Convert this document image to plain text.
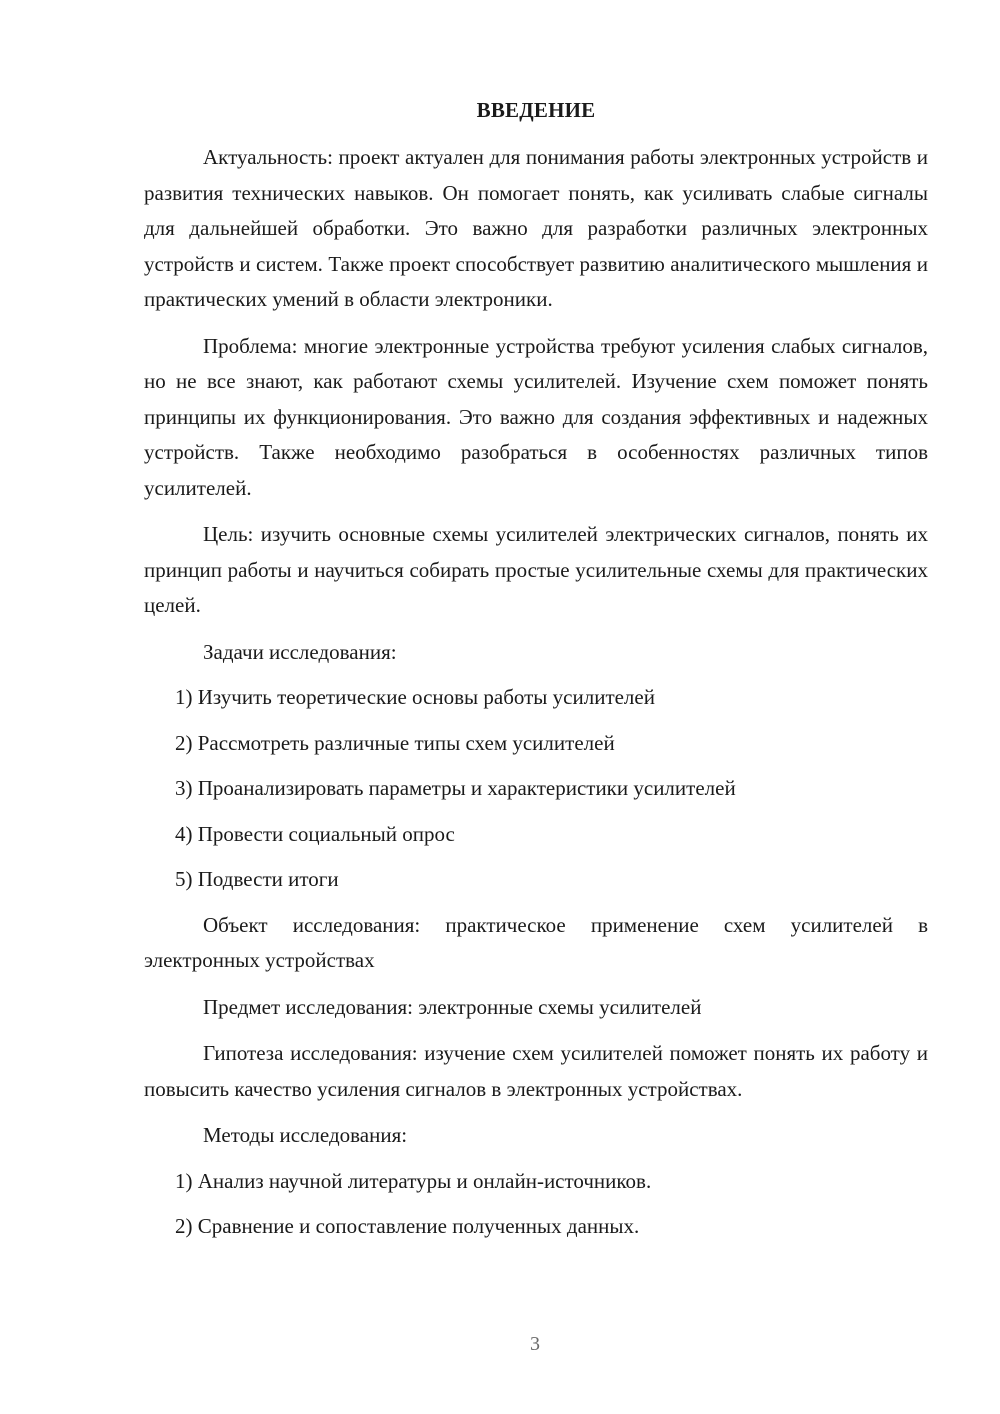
ВВЕДЕНИЕ

Актуальность: проект актуален для понимания работы электронных устройств и развития технических навыков. Он помогает понять, как усиливать слабые сигналы для дальнейшей обработки. Это важно для разработки различных электронных устройств и систем. Также проект способствует развитию аналитического мышления и практических умений в области электроники.

Проблема: многие электронные устройства требуют усиления слабых сигналов, но не все знают, как работают схемы усилителей. Изучение схем поможет понять принципы их функционирования. Это важно для создания эффективных и надежных устройств. Также необходимо разобраться в особенностях различных типов усилителей.

Цель: изучить основные схемы усилителей электрических сигналов, понять их принцип работы и научиться собирать простые усилительные схемы для практических целей.

Задачи исследования:
1) Изучить теоретические основы работы усилителей
2) Рассмотреть различные типы схем усилителей
3) Проанализировать параметры и характеристики усилителей
4) Провести социальный опрос
5) Подвести итоги

Объект исследования: практическое применение схем усилителей в электронных устройствах

Предмет исследования: электронные схемы усилителей

Гипотеза исследования: изучение схем усилителей поможет понять их работу и повысить качество усиления сигналов в электронных устройствах.

Методы исследования:
1) Анализ научной литературы и онлайн-источников.
2) Сравнение и сопоставление полученных данных.
3
